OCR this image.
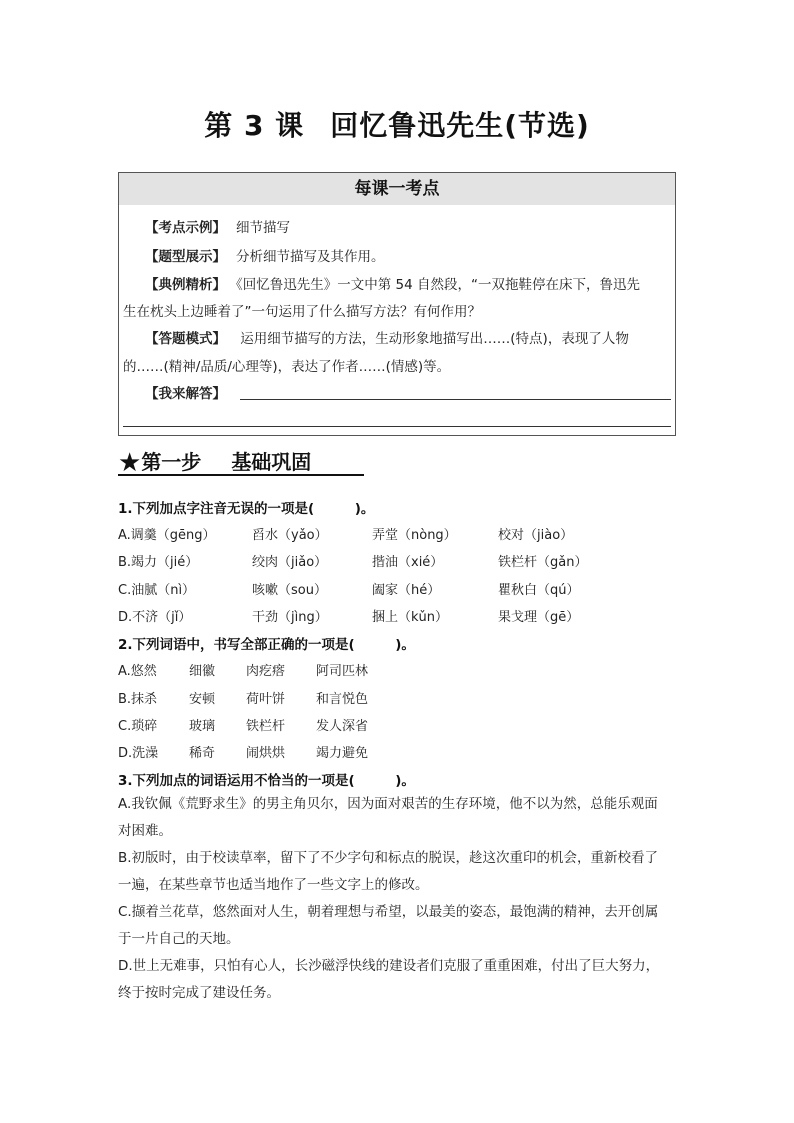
第 3 课 回忆鲁迅先生(节选)
每课一考点
【考点示例】 细节描写
【题型展示】 分析细节描写及其作用。
【典例精析】 《回忆鲁迅先生》一文中第 54 自然段，“一双拖鞋停在床下，鲁迅先
生在枕头上边睡着了”一句运用了什么描写方法？有何作用？
【答题模式】 运用细节描写的方法，生动形象地描写出……(特点)，表现了人物
的……(精神/品质/心理等)，表达了作者……(情感)等。
【我来解答】
★第一步 基础巩固
1.下列加点字注音无误的一项是(　　　)。
A.调羹（gēng）	舀水（yǎo）	弄堂（nòng）	校对（jiào）
B.竭力（jié）	绞肉（jiǎo）	揩油（xié）	铁栏杆（gǎn）
C.油腻（nì）	咳嗽（sou）	阖家（hé）	瞿秋白（qú）
D.不济（jǐ）	干劲（jìng）	捆上（kǔn）	果戈理（gē）
2.下列词语中，书写全部正确的一项是(　　　)。
A.悠然 细徽 肉疙瘩 阿司匹林
B.抹杀 安顿 荷叶饼 和言悦色
C.琐碎 玻璃 铁栏杆 发人深省
D.洗澡 稀奇 闹烘烘 竭力避免
3.下列加点的词语运用不恰当的一项是(　　　)。
A.我钦佩《荒野求生》的男主角贝尔，因为面对艰苦的生存环境，他不以为然，总能乐观面
对困难。
B.初版时，由于校读草率，留下了不少字句和标点的脱误，趁这次重印的机会，重新校看了
一遍，在某些章节也适当地作了一些文字上的修改。
C.撷着兰花草，悠然面对人生，朝着理想与希望，以最美的姿态，最饱满的精神，去开创属
于一片自己的天地。
D.世上无难事，只怕有心人，长沙磁浮快线的建设者们克服了重重困难，付出了巨大努力，
终于按时完成了建设任务。
